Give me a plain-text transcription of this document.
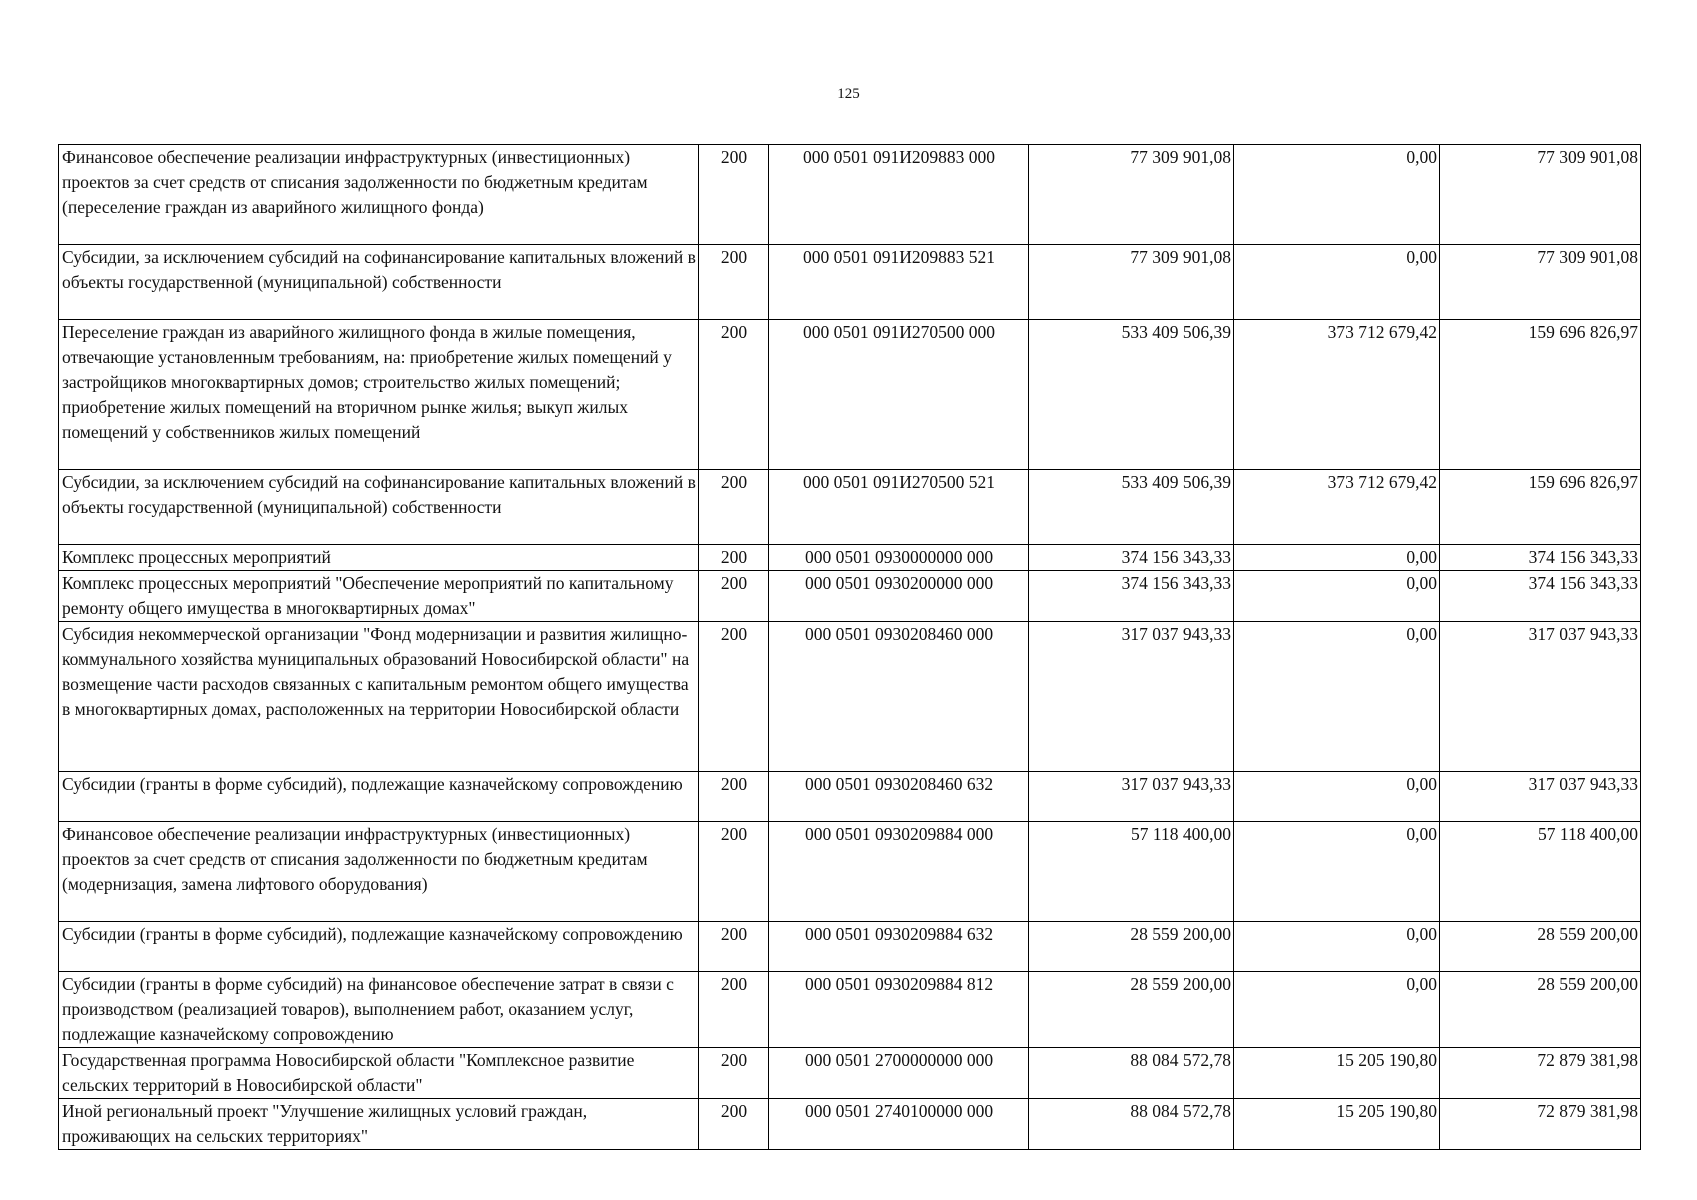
125
Финансовое обеспечение реализации инфраструктурных (инвестиционных) проектов за счет средств от списания задолженности по бюджетным кредитам (переселение граждан из аварийного жилищного фонда)	200	000 0501 091И209883 000	77 309 901,08	0,00	77 309 901,08
Субсидии, за исключением субсидий на софинансирование капитальных вложений в объекты государственной (муниципальной) собственности	200	000 0501 091И209883 521	77 309 901,08	0,00	77 309 901,08
Переселение граждан из аварийного жилищного фонда в жилые помещения, отвечающие установленным требованиям, на: приобретение жилых помещений у застройщиков многоквартирных домов; строительство жилых помещений; приобретение жилых помещений на вторичном рынке жилья; выкуп жилых помещений у собственников жилых помещений	200	000 0501 091И270500 000	533 409 506,39	373 712 679,42	159 696 826,97
Субсидии, за исключением субсидий на софинансирование капитальных вложений в объекты государственной (муниципальной) собственности	200	000 0501 091И270500 521	533 409 506,39	373 712 679,42	159 696 826,97
Комплекс процессных мероприятий	200	000 0501 0930000000 000	374 156 343,33	0,00	374 156 343,33
Комплекс процессных мероприятий "Обеспечение мероприятий по капитальному ремонту общего имущества в многоквартирных домах"	200	000 0501 0930200000 000	374 156 343,33	0,00	374 156 343,33
Субсидия некоммерческой организации "Фонд модернизации и развития жилищно-коммунального хозяйства муниципальных образований Новосибирской области" на возмещение части расходов связанных с капитальным ремонтом общего имущества в многоквартирных домах, расположенных на территории Новосибирской области	200	000 0501 0930208460 000	317 037 943,33	0,00	317 037 943,33
Субсидии (гранты в форме субсидий), подлежащие казначейскому сопровождению	200	000 0501 0930208460 632	317 037 943,33	0,00	317 037 943,33
Финансовое обеспечение реализации инфраструктурных (инвестиционных) проектов за счет средств от списания задолженности по бюджетным кредитам (модернизация, замена лифтового оборудования)	200	000 0501 0930209884 000	57 118 400,00	0,00	57 118 400,00
Субсидии (гранты в форме субсидий), подлежащие казначейскому сопровождению	200	000 0501 0930209884 632	28 559 200,00	0,00	28 559 200,00
Субсидии (гранты в форме субсидий) на финансовое обеспечение затрат в связи с производством (реализацией товаров), выполнением работ, оказанием услуг, подлежащие казначейскому сопровождению	200	000 0501 0930209884 812	28 559 200,00	0,00	28 559 200,00
Государственная программа Новосибирской области "Комплексное развитие сельских территорий в Новосибирской области"	200	000 0501 2700000000 000	88 084 572,78	15 205 190,80	72 879 381,98
Иной региональный проект "Улучшение жилищных условий граждан, проживающих на сельских территориях"	200	000 0501 2740100000 000	88 084 572,78	15 205 190,80	72 879 381,98
